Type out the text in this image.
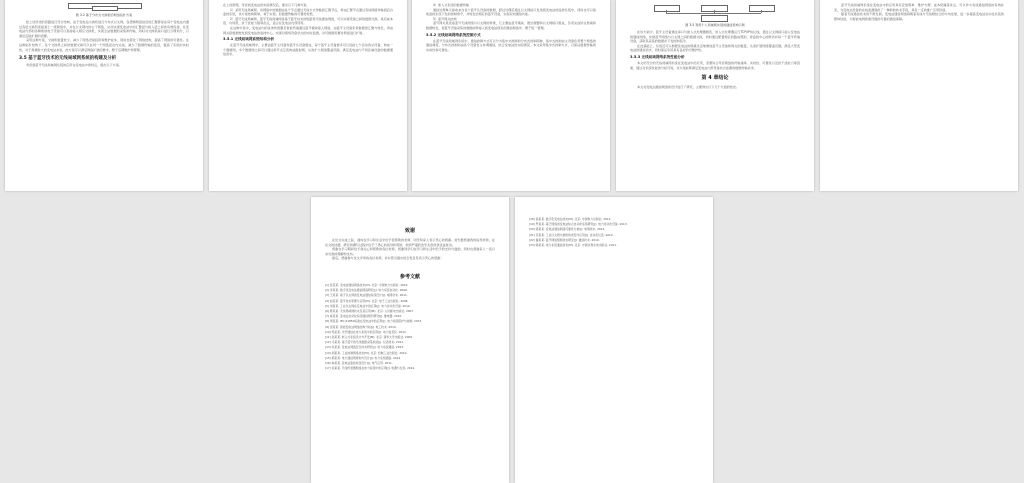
图 3.2 基于分布式交换机的网络拓扑方案

按上述所述的思路进行设计结构，由于变电站交换机进行分布式以太网，各逻辑网络信息的汇聚都是在每个变电站内通过各层交换机连接到上一级网络中，并在以太网内的主干网络，从而实现变电站中的汇聚层与接入层之间的有效连接，在变电站内部的各种智能电子设备可以直接接入相应交换机，实现全站数据的采集和传输，同时对交换机端口进行合理划分，以满足后续扩展的需要。

采用这种方案，交换机数量较少，减少了网络设备投资和维护成本，同时也简化了网络结构，提高了网络的可靠性。在这种拓扑结构下，各个交换机之间的数据交换可以在同一个网络层次内完成，减少了数据传输的延迟，提高了系统的实时性。对于规模较大的变电站来说，此方案可以满足网络扩展的要求，便于后期维护和管理。

3.5 基于蓝牙技术的无线局域网系统的构建及分析

考虑到蓝牙无线局域网系统的应用在变电站中的特点，提出以下方案。

在上述原理，考虑到变电站的实际情况后，提出以下几种方案。

1）采用无线局域网，该网络中的数据由各个节点通过无线方式传输到汇聚节点，再由汇聚节点通过有线网络传输到后台监控系统，该方案结构简单，易于实现，但数据传输的可靠性较低。

2）蓝牙无线局域网，蓝牙无线局域网是基于蓝牙技术的短距离无线通信网络，可以实现设备之间的数据交换，具有成本低、功耗低、抗干扰能力强等优点，适合在变电站内部使用。

在这种方案中，变电站内的各类传感器及智能终端通过蓝牙模块接入网络，由蓝牙主设备负责数据的汇聚与转发，再由网关将数据转发到变电站的监控中心，实现对现场设备状态的实时监测，并可根据需要对网络进行扩展。

3.5.1 无线局域网系统结构分析

在蓝牙无线局域网中，主要由蓝牙主设备和蓝牙从设备组成，每个蓝牙主设备最多可以连接七个活动的从设备，构成一个微微网，多个微微网之间可以通过桥节点互连构成散射网，从而扩大网络覆盖范围，满足变电站内不同区域设备的数据通信需求。

4）嵌入式系统的数据传输

通信处理单元接收来自各个蓝牙从设备的数据，经过处理后通过以太网接口发送到变电站的监控系统中，同时也可以接收监控系统下发的控制命令，并转发给相应的蓝牙设备，实现双向通信功能。

5）蓝牙网关结构

蓝牙网关是连接蓝牙无线网络与以太网的桥梁，它主要由蓝牙模块、微处理器和以太网接口组成，负责完成协议转换和数据转发，使蓝牙设备采集的数据能够接入到变电站现有的通信网络中，便于统一管理。

3.5.2 无线局域网络系统控制方式

在蓝牙无线局域网系统中，通信控制方式可以分为集中式控制和分布式控制两种，集中式控制由主设备负责整个网络的通信调度，分布式控制则由各个设备自主协调通信，结合变电站的实际情况，本文采用集中式控制方式，以保证数据传输的实时性和可靠性。

图 3.5 利用个人局域网实现的通信架构示例

在该方案中，蓝牙主设备通过串口与嵌入式处理器相连，嵌入式处理器运行TCP/IP协议栈，通过以太网接口接入变电站的通信网络，实现蓝牙网络与以太网之间的数据交换，同时通过配置相应的路由规则，使监控中心能够访问每一个蓝牙终端设备，获取其采集的数据并下发控制指令。

在此基础上，系统还可以根据变电站的规模灵活地增加蓝牙主设备和网关的数量，从而扩展网络覆盖范围，满足大型变电站的通信需求，同时保证系统具有良好的可维护性。

3.5.3 无线局域网络系统性能分析

本文所设计的无线局域网系统在变电站中的应用，需要综合考虑网络的传输速率、实时性、可靠性以及抗干扰能力等因素，通过对系统性能的分析可知，该方案能够满足变电站内部设备状态监测的数据传输需求。

第 4 章结论

本文对变电站通信网络的设计进行了研究，主要得出以下几个方面的结论。

蓝牙无线局域网系统在变电站中的应用具有安装简单、维护方便、成本低廉等优点，可以作为有线通信网络的有效补充，为变电站设备的在线监测提供了一种新的技术手段，具有一定的推广应用价值。

随着无线通信技术的不断发展，变电站通信网络将朝着有线与无线相结合的方向发展，进一步提高变电站自动化系统的整体性能，为智能电网的建设提供可靠的通信保障。

致谢

在论文完成之际，谨向在学习和生活中给予我帮助的老师、同学和家人表示衷心的感谢。首先要感谢我的指导老师，在论文的选题、研究和撰写过程中给予了悉心的指导和帮助，老师严谨的治学态度使我受益匪浅。

感谢在学习期间给予我关心和帮助的各位老师，感谢同学们在学习和生活中给予的支持与鼓励，同时也感谢家人一直以来对我的理解和支持。

最后，感谢参与论文评审的各位老师，并对您们提出的宝贵意见表示衷心的感谢！

参考文献

[1] 张某某. 变电站通信网络技术[M]. 北京: 中国电力出版社, 2010.

[2] 李某某. 数字化变电站通信网络研究[J]. 电力系统自动化, 2009.

[3] 王某某. 基于以太网的变电站通信系统设计[J]. 电网技术, 2011.

[4] 赵某某. 蓝牙技术原理与应用[M]. 北京: 电子工业出版社, 2008.

[5] 刘某某. 工业以太网在变电站中的应用[J]. 电力自动化设备, 2012.

[6] 陈某某. 无线局域网技术及其应用[M]. 北京: 人民邮电出版社, 2007.

[7] 杨某某. 变电站自动化系统通信规约研究[J]. 继电器, 2010.

[8] 周某某. IEC 61850标准在变电站中的应用[J]. 电力系统保护与控制, 2013.

[9] 吴某某. 智能变电站网络结构分析[J]. 电工技术, 2014.

[10] 郑某某. 光纤通信在电力系统中的应用[J]. 电力信息化, 2012.

[11] 孙某某. 嵌入式系统设计与开发[M]. 北京: 清华大学出版社, 2009.

[12] 马某某. 基于蓝牙的无线数据采集系统[J]. 仪表技术, 2011.

[13] 朱某某. 变电站网络安全技术研究[J]. 电力系统通信, 2013.

[14] 胡某某. 工业控制网络技术[M]. 北京: 机械工业出版社, 2010.

[15] 郭某某. 电力通信网规划与设计[J]. 电力系统通信, 2012.

[16] 林某某. 变电站监控系统设计[J]. 电气应用, 2011.

[17] 何某某. 无线传感器网络在电力系统中的应用[J]. 电测与仪表, 2014.

[18] 高某某. 数字化变电站技术[M]. 北京: 中国电力出版社, 2012.

[19] 罗某某. 基于网络的变电站综合自动化系统研究[J]. 电力自动化设备, 2013.

[20] 梁某某. 变电站通信网络可靠性分析[J]. 电网技术, 2014.

[21] 宋某某. 工业以太网交换机的选型与应用[J]. 自动化仪表, 2012.

[22] 谢某某. 蓝牙网络组网技术研究[J]. 通信技术, 2010.

[23] 韩某某. 电力系统通信技术[M]. 北京: 中国水利水电出版社, 2011.
